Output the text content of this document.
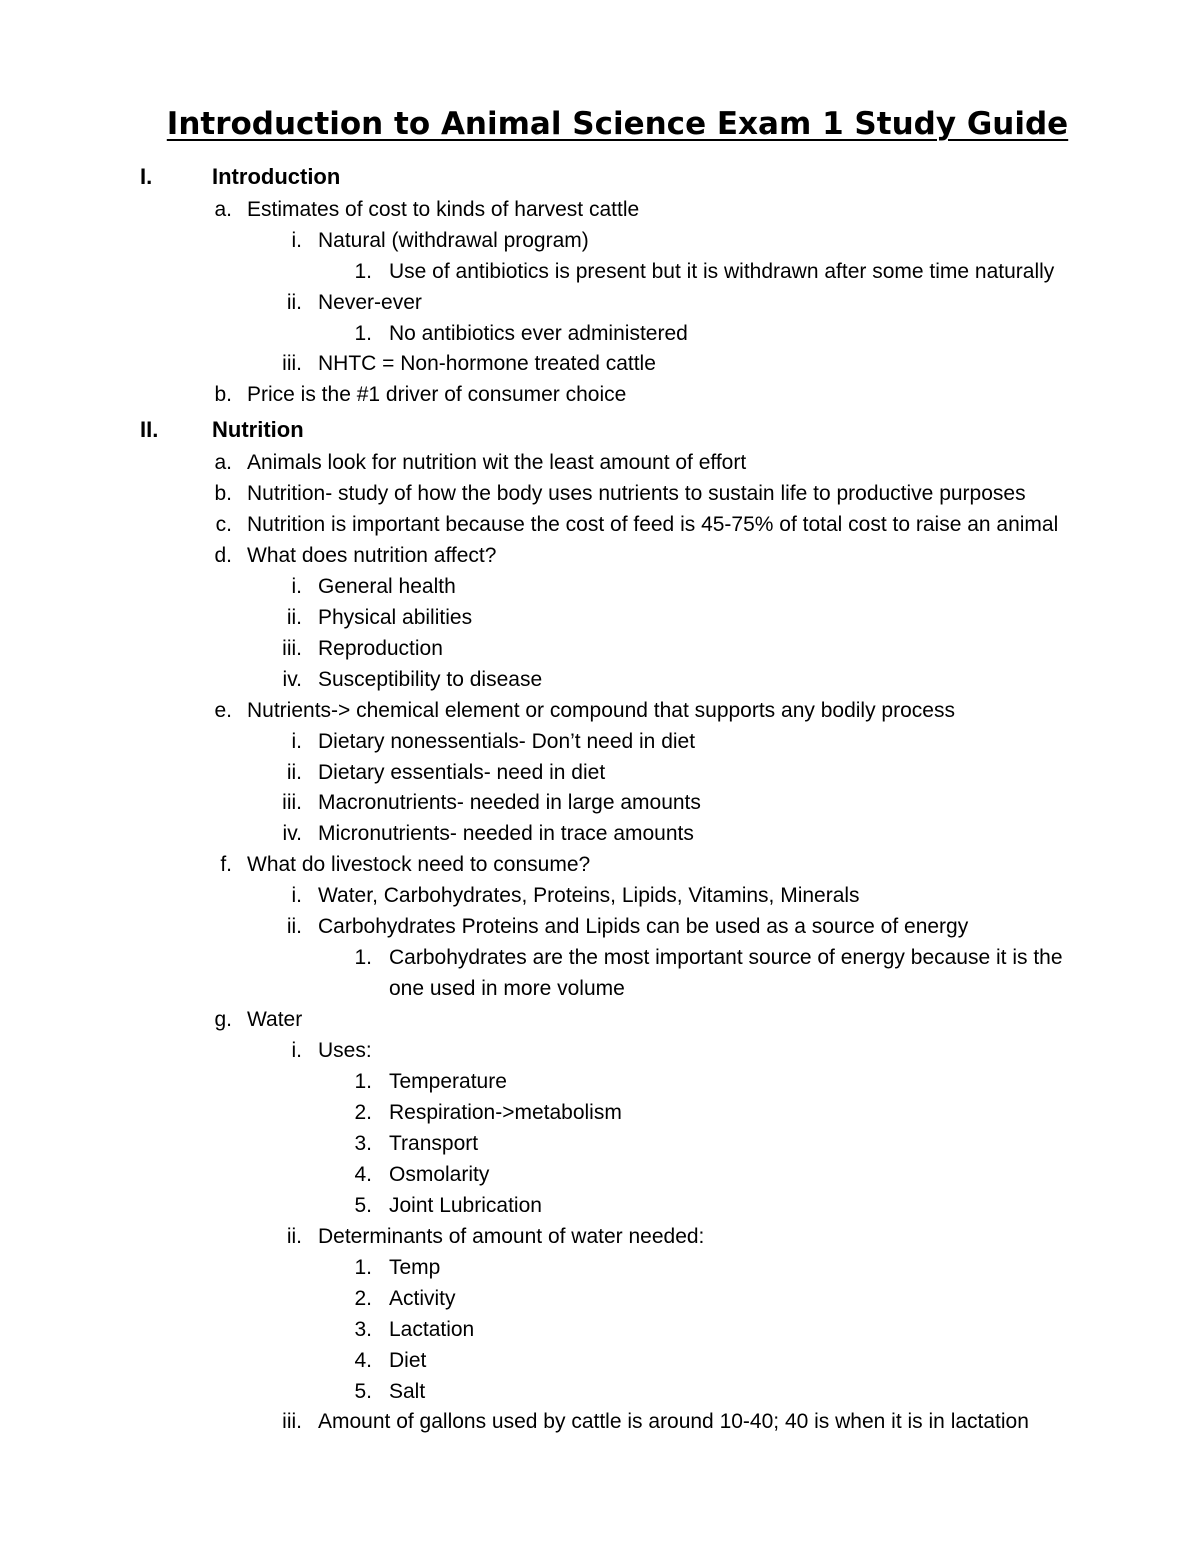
Introduction to Animal Science Exam 1 Study Guide
I.	Introduction
a. Estimates of cost to kinds of harvest cattle
i. Natural (withdrawal program)
1. Use of antibiotics is present but it is withdrawn after some time naturally
ii. Never-ever
1. No antibiotics ever administered
iii. NHTC = Non-hormone treated cattle
b. Price is the #1 driver of consumer choice
II. Nutrition
a. Animals look for nutrition wit the least amount of effort
b. Nutrition- study of how the body uses nutrients to sustain life to productive purposes
c. Nutrition is important because the cost of feed is 45-75% of total cost to raise an animal
d. What does nutrition affect?
i. General health
ii. Physical abilities
iii. Reproduction
iv. Susceptibility to disease
e. Nutrients-> chemical element or compound that supports any bodily process
i. Dietary nonessentials- Don’t need in diet
ii. Dietary essentials- need in diet
iii. Macronutrients- needed in large amounts
iv. Micronutrients- needed in trace amounts
f. What do livestock need to consume?
i. Water, Carbohydrates, Proteins, Lipids, Vitamins, Minerals
ii. Carbohydrates Proteins and Lipids can be used as a source of energy
1. Carbohydrates are the most important source of energy because it is the
one used in more volume
g. Water
i. Uses:
1. Temperature
2. Respiration->metabolism
3. Transport
4. Osmolarity
5. Joint Lubrication
ii. Determinants of amount of water needed:
1. Temp
2. Activity
3. Lactation
4. Diet
5. Salt
iii. Amount of gallons used by cattle is around 10-40; 40 is when it is in lactation
